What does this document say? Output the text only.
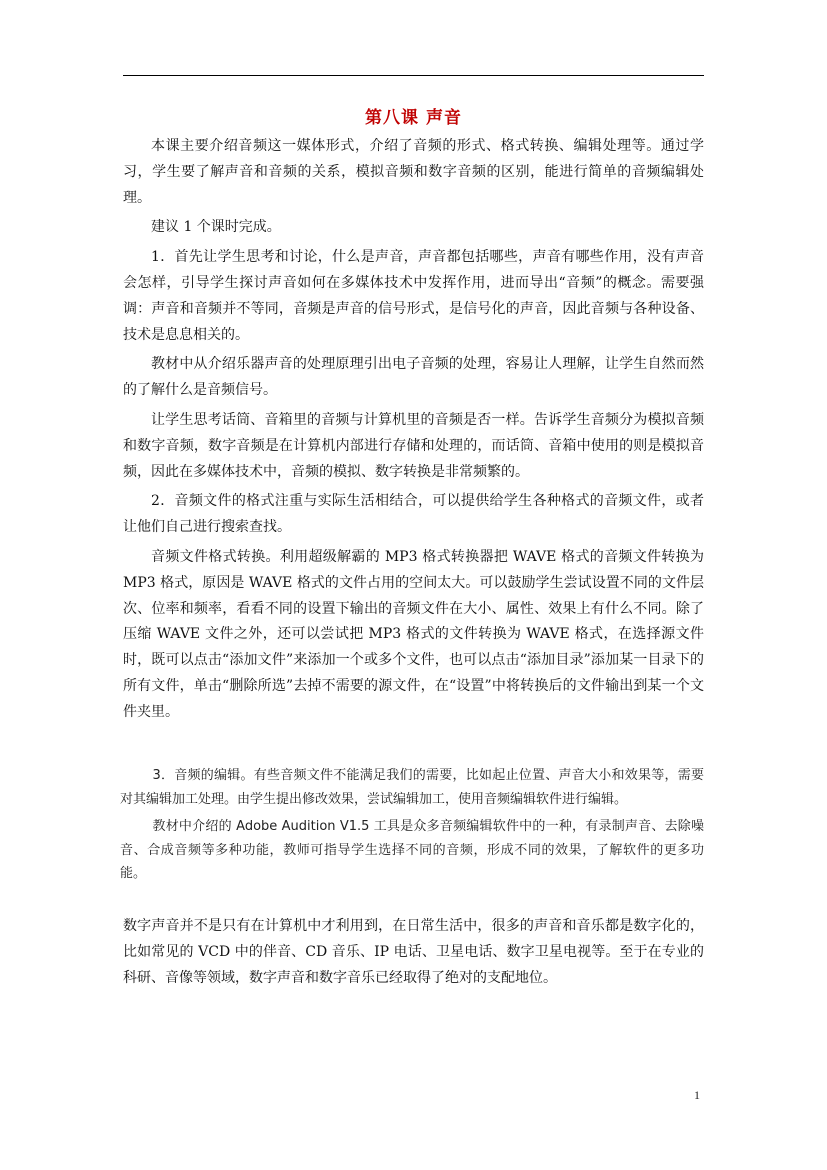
第八课 声音

本课主要介绍音频这一媒体形式，介绍了音频的形式、格式转换、编辑处理等。通过学习，学生要了解声音和音频的关系，模拟音频和数字音频的区别，能进行简单的音频编辑处理。

建议 1 个课时完成。

1．首先让学生思考和讨论，什么是声音，声音都包括哪些，声音有哪些作用，没有声音会怎样，引导学生探讨声音如何在多媒体技术中发挥作用，进而导出“音频”的概念。需要强调：声音和音频并不等同，音频是声音的信号形式，是信号化的声音，因此音频与各种设备、技术是息息相关的。

教材中从介绍乐器声音的处理原理引出电子音频的处理，容易让人理解，让学生自然而然的了解什么是音频信号。

让学生思考话筒、音箱里的音频与计算机里的音频是否一样。告诉学生音频分为模拟音频和数字音频，数字音频是在计算机内部进行存储和处理的，而话筒、音箱中使用的则是模拟音频，因此在多媒体技术中，音频的模拟、数字转换是非常频繁的。

2．音频文件的格式注重与实际生活相结合，可以提供给学生各种格式的音频文件，或者让他们自己进行搜索查找。

音频文件格式转换。利用超级解霸的 MP3 格式转换器把 WAVE 格式的音频文件转换为 MP3 格式，原因是 WAVE 格式的文件占用的空间太大。可以鼓励学生尝试设置不同的文件层次、位率和频率，看看不同的设置下输出的音频文件在大小、属性、效果上有什么不同。除了压缩 WAVE 文件之外，还可以尝试把 MP3 格式的文件转换为 WAVE 格式，在选择源文件时，既可以点击“添加文件”来添加一个或多个文件，也可以点击“添加目录”添加某一目录下的所有文件，单击“删除所选”去掉不需要的源文件，在“设置”中将转换后的文件输出到某一个文件夹里。

3．音频的编辑。有些音频文件不能满足我们的需要，比如起止位置、声音大小和效果等，需要对其编辑加工处理。由学生提出修改效果，尝试编辑加工，使用音频编辑软件进行编辑。

教材中介绍的 Adobe Audition V1.5 工具是众多音频编辑软件中的一种，有录制声音、去除噪音、合成音频等多种功能，教师可指导学生选择不同的音频，形成不同的效果，了解软件的更多功能。

数字声音并不是只有在计算机中才利用到，在日常生活中，很多的声音和音乐都是数字化的，比如常见的 VCD 中的伴音、CD 音乐、IP 电话、卫星电话、数字卫星电视等。至于在专业的科研、音像等领域，数字声音和数字音乐已经取得了绝对的支配地位。

1
